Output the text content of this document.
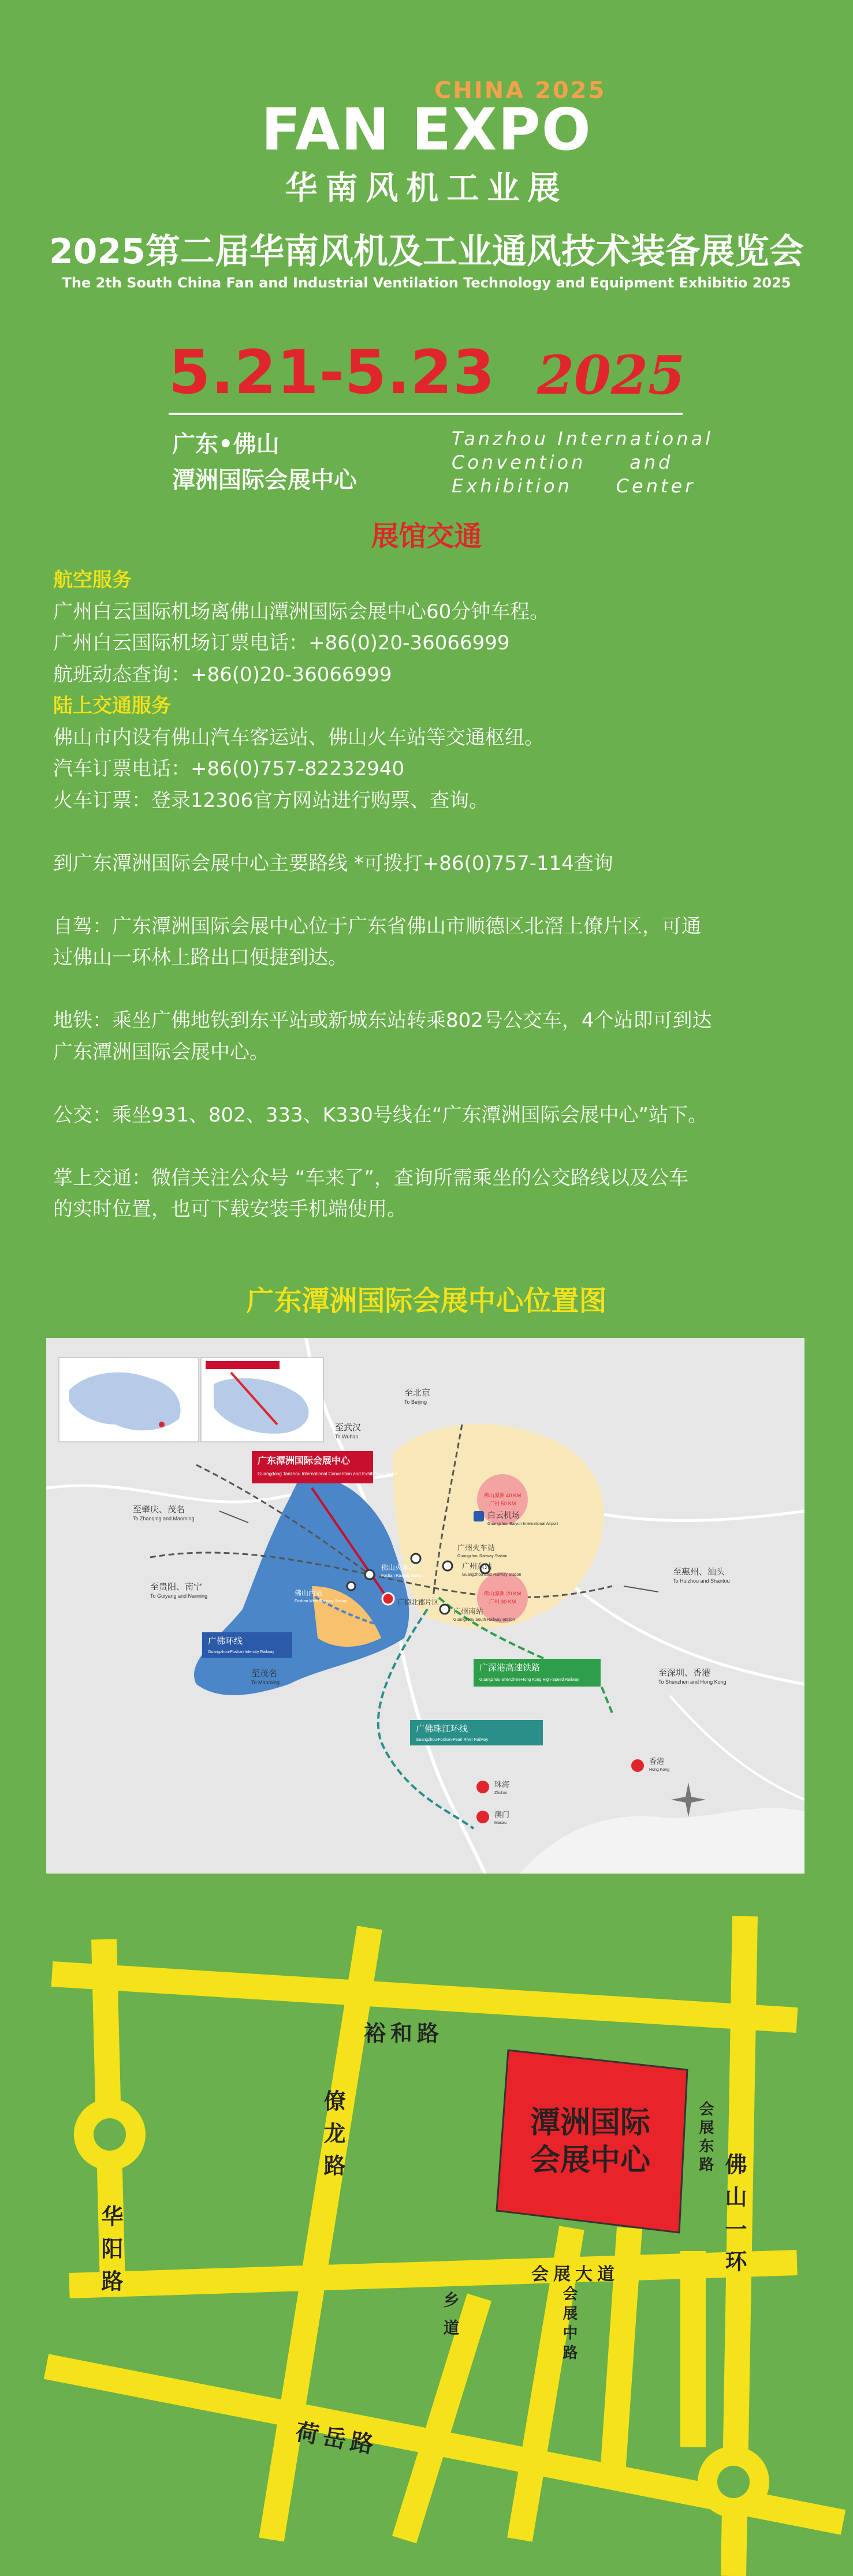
CHINA 2025
FAN EXPO
华南风机工业展
2025第二届华南风机及工业通风技术装备展览会
The 2th South China Fan and Industrial Ventilation Technology and Equipment Exhibitio 2025
5.21-5.23 2025
广东•佛山
潭洲国际会展中心
Tanzhou International
Convention     and
Exhibition     Center
展馆交通
航空服务
广州白云国际机场离佛山潭洲国际会展中心60分钟车程。
广州白云国际机场订票电话：+86(0)20-36066999
航班动态查询：+86(0)20-36066999
陆上交通服务
佛山市内设有佛山汽车客运站、佛山火车站等交通枢纽。
汽车订票电话：+86(0)757-82232940
火车订票：登录12306官方网站进行购票、查询。
到广东潭洲国际会展中心主要路线 *可拨打+86(0)757-114查询
自驾：广东潭洲国际会展中心位于广东省佛山市顺德区北滘上僚片区，可通
过佛山一环林上路出口便捷到达。
地铁：乘坐广佛地铁到东平站或新城东站转乘802号公交车，4个站即可到达
广东潭洲国际会展中心。
公交：乘坐931、802、333、K330号线在“广东潭洲国际会展中心”站下。
掌上交通：微信关注公众号 “车来了”，查询所需乘坐的公交路线以及公车
的实时位置，也可下载安装手机端使用。
广东潭洲国际会展中心位置图
广东潭洲国际会展中心
Guangdong Tanzhou International Convention and Exhibition Center
佛山潭洲 40 KM
广州 50 KM
佛山潭洲 20 KM
广州 30 KM
白云机场
Guangzhou Baiyun International Airport
广州火车站
Guangzhou Railway Station
广州东站
Guangzhou East Railway Station
广州南站
Guangzhou South Railway Station
佛山火车站
Foshan Railway Station
佛山西站
Foshan West Railway Station	广德北郡片区
广佛环线
Guangzhou-Foshan Intercity Railway
广深港高速铁路
Guangzhou-Shenzhen-Hong Kong High-Speed Railway
广佛珠江环线
Guangzhou-Foshan-Pearl River Railway
至北京
To Beijing
至武汉
To Wuhan
至肇庆、茂名
To Zhaoqing and Maoming
至贵阳、南宁
To Guiyang and Nanning
至茂名
To Maoming
至惠州、汕头
To Huizhou and Shantou
至深圳、香港
To Shenzhen and Hong Kong
香港
Hong Kong
珠海
Zhuhai
澳门
Macau
潭洲国际
会展中心
裕和路
会展大道
荷岳路
华阳路
僚龙路
乡道
会展东路
会展中路
佛山一环
